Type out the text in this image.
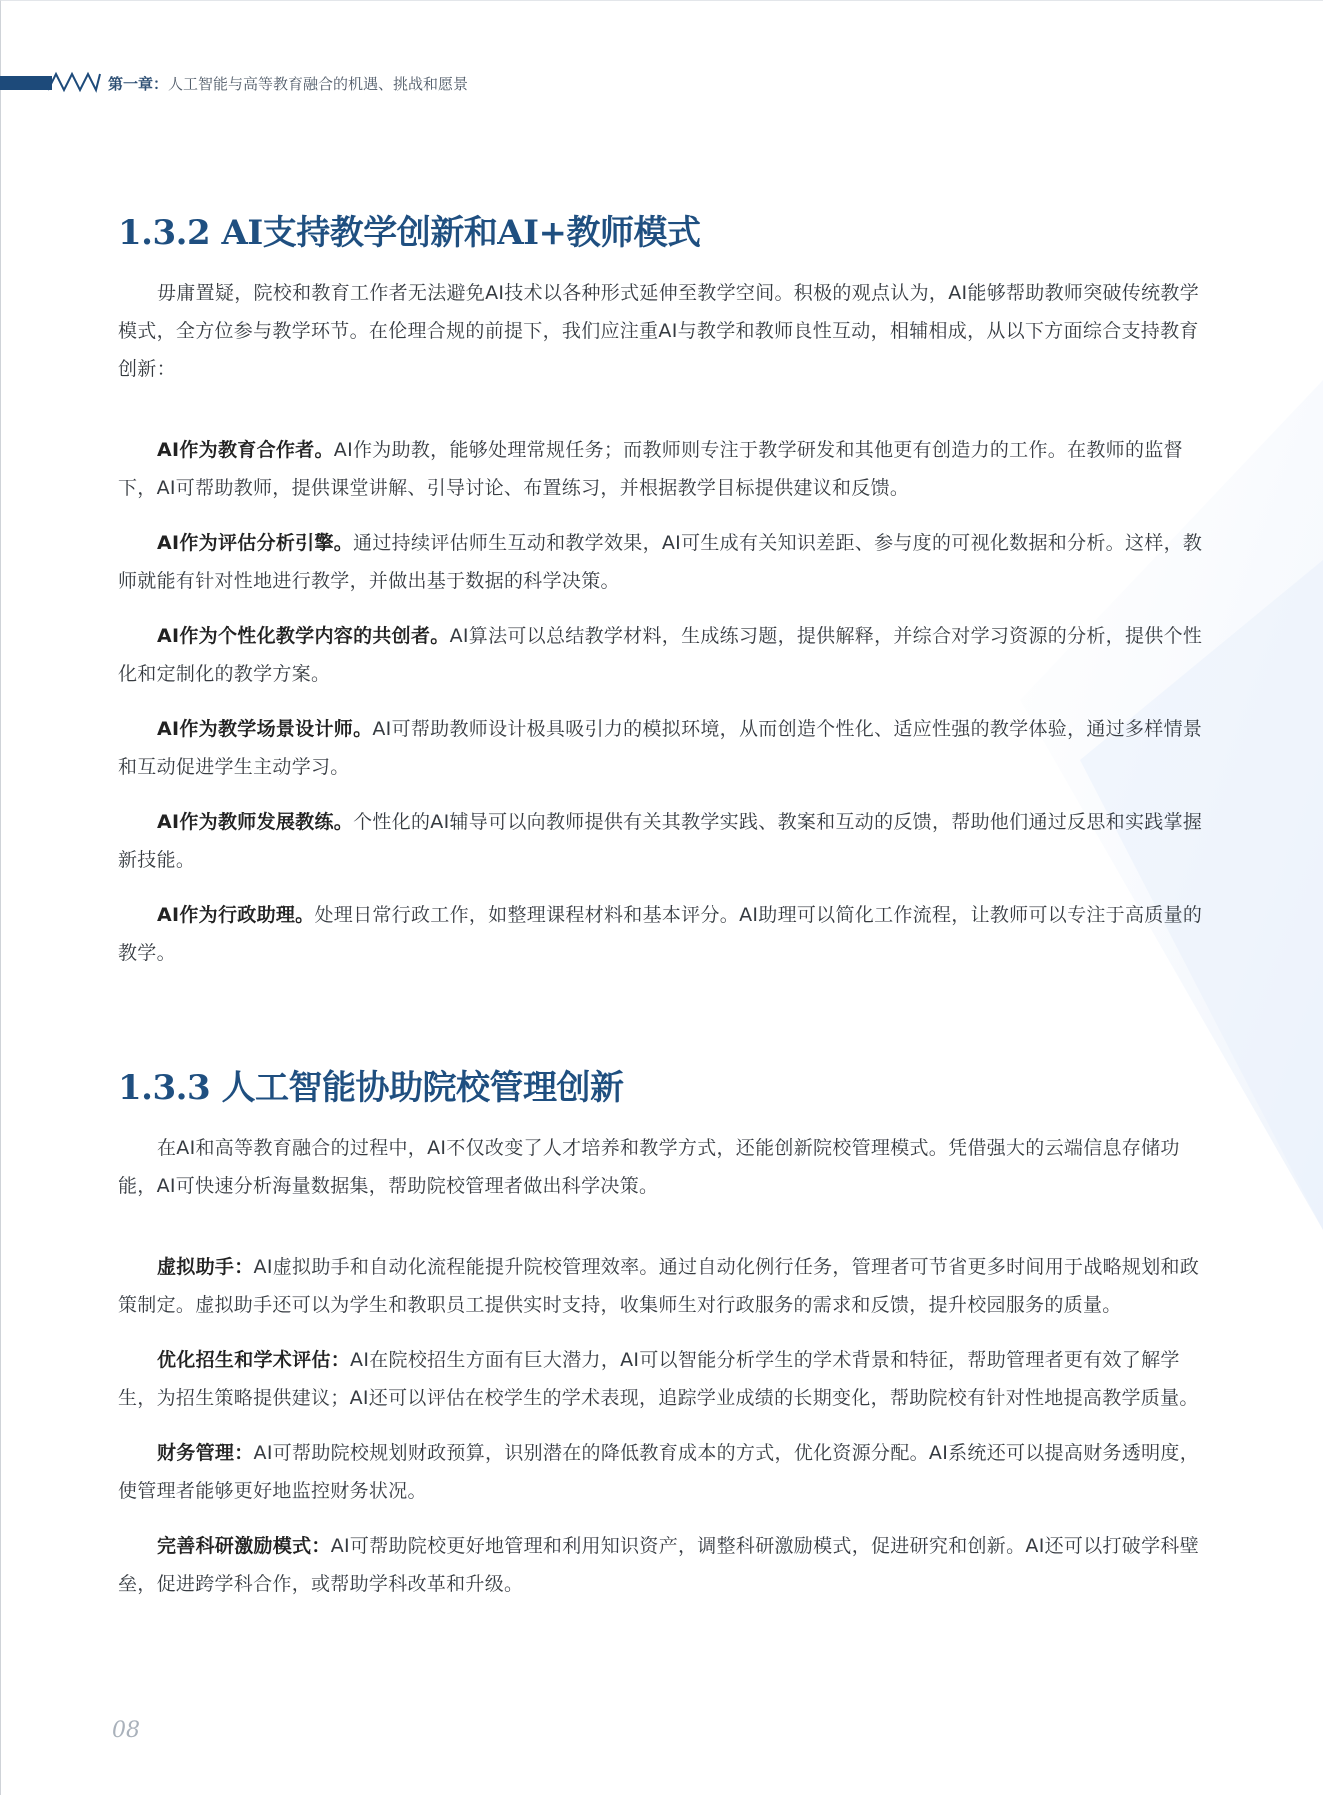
第一章：人工智能与高等教育融合的机遇、挑战和愿景
1.3.2 AI支持教学创新和AI+教师模式

毋庸置疑，院校和教育工作者无法避免AI技术以各种形式延伸至教学空间。积极的观点认为，AI能够帮助教师突破传统教学模式，全方位参与教学环节。在伦理合规的前提下，我们应注重AI与教学和教师良性互动，相辅相成，从以下方面综合支持教育创新：

AI作为教育合作者。AI作为助教，能够处理常规任务；而教师则专注于教学研发和其他更有创造力的工作。在教师的监督下，AI可帮助教师，提供课堂讲解、引导讨论、布置练习，并根据教学目标提供建议和反馈。

AI作为评估分析引擎。通过持续评估师生互动和教学效果，AI可生成有关知识差距、参与度的可视化数据和分析。这样，教师就能有针对性地进行教学，并做出基于数据的科学决策。

AI作为个性化教学内容的共创者。AI算法可以总结教学材料，生成练习题，提供解释，并综合对学习资源的分析，提供个性化和定制化的教学方案。

AI作为教学场景设计师。AI可帮助教师设计极具吸引力的模拟环境，从而创造个性化、适应性强的教学体验，通过多样情景和互动促进学生主动学习。

AI作为教师发展教练。个性化的AI辅导可以向教师提供有关其教学实践、教案和互动的反馈，帮助他们通过反思和实践掌握新技能。

AI作为行政助理。处理日常行政工作，如整理课程材料和基本评分。AI助理可以简化工作流程，让教师可以专注于高质量的教学。

1.3.3 人工智能协助院校管理创新

在AI和高等教育融合的过程中，AI不仅改变了人才培养和教学方式，还能创新院校管理模式。凭借强大的云端信息存储功能，AI可快速分析海量数据集，帮助院校管理者做出科学决策。

虚拟助手：AI虚拟助手和自动化流程能提升院校管理效率。通过自动化例行任务，管理者可节省更多时间用于战略规划和政策制定。虚拟助手还可以为学生和教职员工提供实时支持，收集师生对行政服务的需求和反馈，提升校园服务的质量。

优化招生和学术评估：AI在院校招生方面有巨大潜力，AI可以智能分析学生的学术背景和特征，帮助管理者更有效了解学生，为招生策略提供建议；AI还可以评估在校学生的学术表现，追踪学业成绩的长期变化，帮助院校有针对性地提高教学质量。

财务管理：AI可帮助院校规划财政预算，识别潜在的降低教育成本的方式，优化资源分配。AI系统还可以提高财务透明度，使管理者能够更好地监控财务状况。

完善科研激励模式：AI可帮助院校更好地管理和利用知识资产，调整科研激励模式，促进研究和创新。AI还可以打破学科壁垒，促进跨学科合作，或帮助学科改革和升级。

08
